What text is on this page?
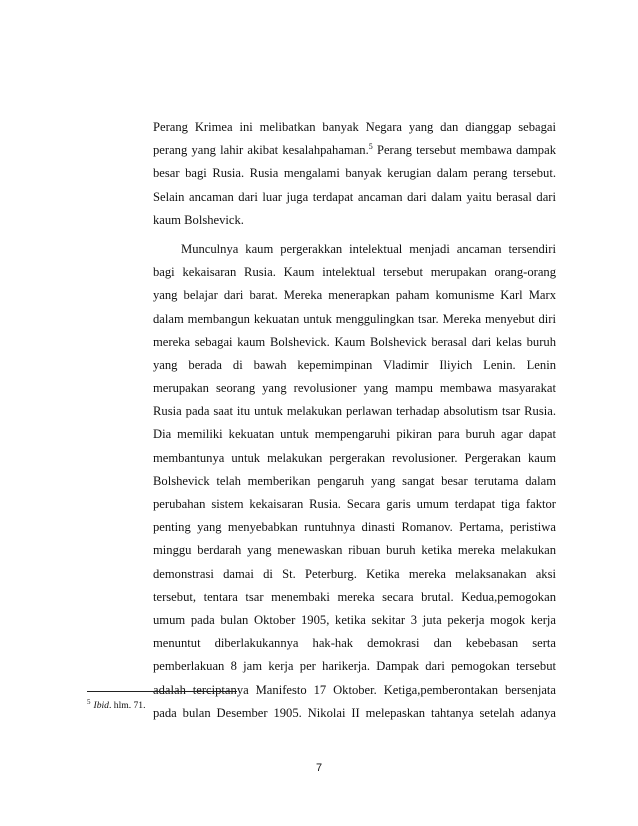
Perang Krimea ini melibatkan banyak Negara yang dan dianggap sebagai
perang yang lahir akibat kesalahpahaman.$^5$ Perang tersebut membawa dampak
besar bagi Rusia. Rusia mengalami banyak kerugian dalam perang tersebut.
Selain ancaman dari luar juga terdapat ancaman dari dalam yaitu berasal dari
kaum Bolshevick.
Munculnya kaum pergerakkan intelektual menjadi ancaman tersendiri
bagi kekaisaran Rusia. Kaum intelektual tersebut merupakan orang-orang
yang belajar dari barat. Mereka menerapkan paham komunisme Karl Marx
dalam membangun kekuatan untuk menggulingkan tsar. Mereka menyebut diri
mereka sebagai kaum Bolshevick. Kaum Bolshevick berasal dari kelas buruh
yang berada di bawah kepemimpinan Vladimir Iliyich Lenin. Lenin
merupakan seorang yang revolusioner yang mampu membawa masyarakat
Rusia pada saat itu untuk melakukan perlawan terhadap absolutism tsar Rusia.
Dia memiliki kekuatan untuk mempengaruhi pikiran para buruh agar dapat
membantunya untuk melakukan pergerakan revolusioner. Pergerakan kaum
Bolshevick telah memberikan pengaruh yang sangat besar terutama dalam
perubahan sistem kekaisaran Rusia. Secara garis umum terdapat tiga faktor
penting yang menyebabkan runtuhnya dinasti Romanov. Pertama, peristiwa
minggu berdarah yang menewaskan ribuan buruh ketika mereka melakukan
demonstrasi damai di St. Peterburg. Ketika mereka melaksanakan aksi
tersebut, tentara tsar menembaki mereka secara brutal. Kedua,pemogokan
umum pada bulan Oktober 1905, ketika sekitar 3 juta pekerja mogok kerja
menuntut diberlakukannya hak-hak demokrasi dan kebebasan serta
pemberlakuan 8 jam kerja per harikerja. Dampak dari pemogokan tersebut
adalah terciptanya Manifesto 17 Oktober. Ketiga,pemberontakan bersenjata
pada bulan Desember 1905. Nikolai II melepaskan tahtanya setelah adanya
$^5$ Ibid. hlm. 71.
7
